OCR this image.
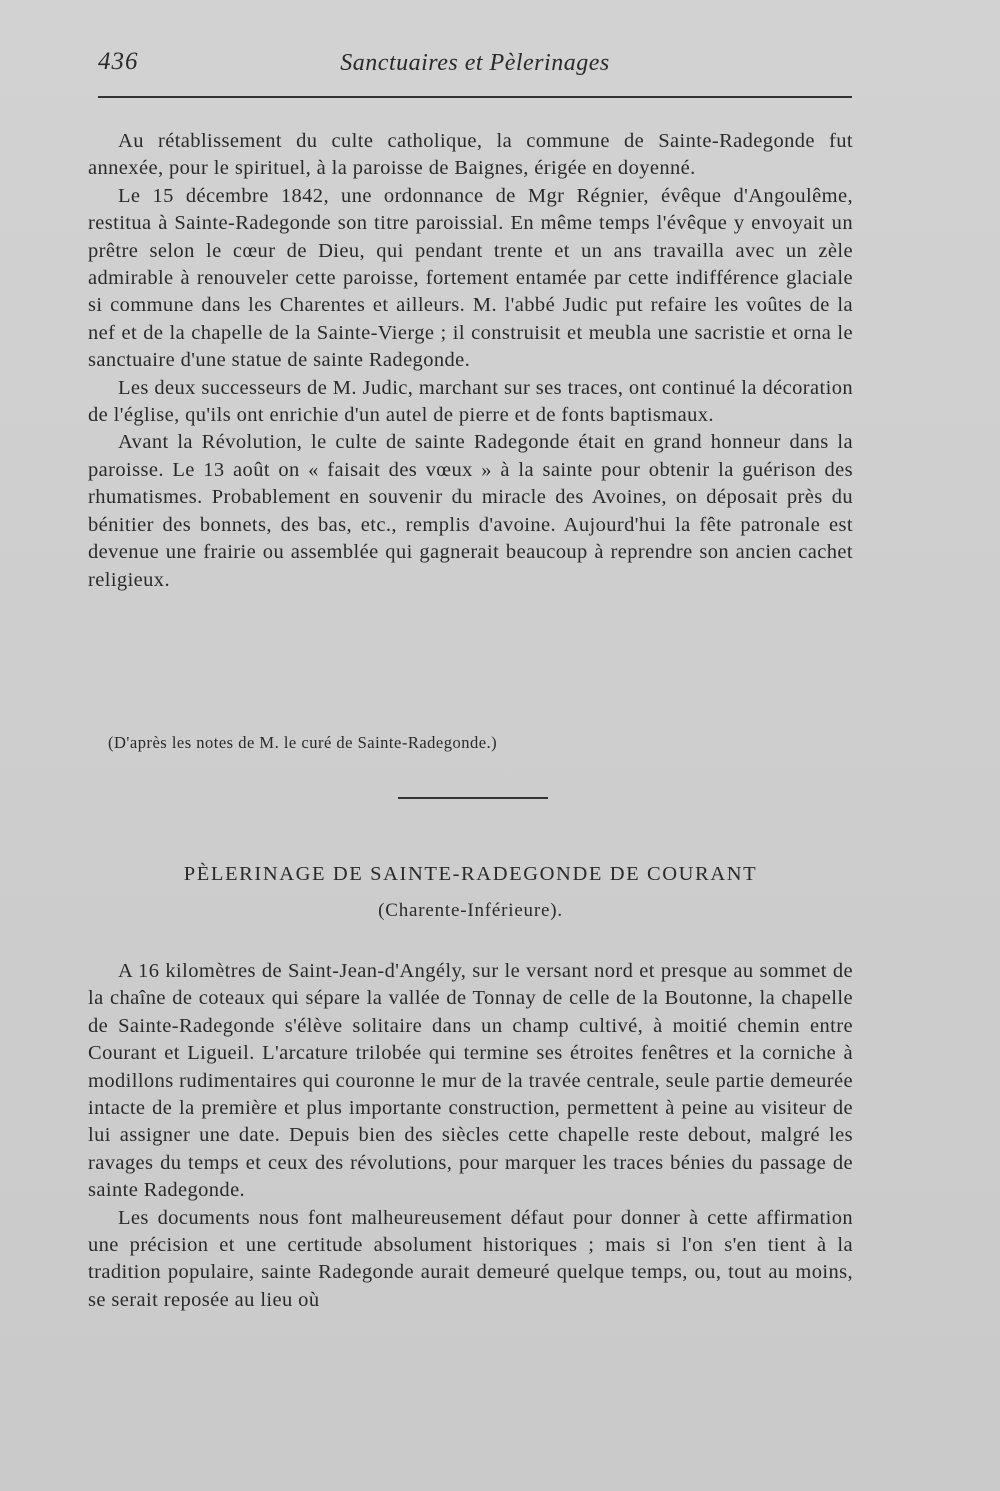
436	Sanctuaires et Pèlerinages

Au rétablissement du culte catholique, la commune de Sainte-Radegonde fut annexée, pour le spirituel, à la paroisse de Baignes, érigée en doyenné.

Le 15 décembre 1842, une ordonnance de Mgr Régnier, évêque d'Angoulême, restitua à Sainte-Radegonde son titre paroissial. En même temps l'évêque y envoyait un prêtre selon le cœur de Dieu, qui pendant trente et un ans travailla avec un zèle admirable à renouveler cette paroisse, fortement entamée par cette indifférence glaciale si commune dans les Charentes et ailleurs. M. l'abbé Judic put refaire les voûtes de la nef et de la chapelle de la Sainte-Vierge ; il construisit et meubla une sacristie et orna le sanctuaire d'une statue de sainte Radegonde.

Les deux successeurs de M. Judic, marchant sur ses traces, ont continué la décoration de l'église, qu'ils ont enrichie d'un autel de pierre et de fonts baptismaux.

Avant la Révolution, le culte de sainte Radegonde était en grand honneur dans la paroisse. Le 13 août on « faisait des vœux » à la sainte pour obtenir la guérison des rhumatismes. Probablement en souvenir du miracle des Avoines, on déposait près du bénitier des bonnets, des bas, etc., remplis d'avoine. Aujourd'hui la fête patronale est devenue une frairie ou assemblée qui gagnerait beaucoup à reprendre son ancien cachet religieux.

(D'après les notes de M. le curé de Sainte-Radegonde.)
PÈLERINAGE DE SAINTE-RADEGONDE DE COURANT
(Charente-Inférieure).

A 16 kilomètres de Saint-Jean-d'Angély, sur le versant nord et presque au sommet de la chaîne de coteaux qui sépare la vallée de Tonnay de celle de la Boutonne, la chapelle de Sainte-Radegonde s'élève solitaire dans un champ cultivé, à moitié chemin entre Courant et Ligueil. L'arcature trilobée qui termine ses étroites fenêtres et la corniche à modillons rudimentaires qui couronne le mur de la travée centrale, seule partie demeurée intacte de la première et plus importante construction, permettent à peine au visiteur de lui assigner une date. Depuis bien des siècles cette chapelle reste debout, malgré les ravages du temps et ceux des révolutions, pour marquer les traces bénies du passage de sainte Radegonde.

Les documents nous font malheureusement défaut pour donner à cette affirmation une précision et une certitude absolument historiques ; mais si l'on s'en tient à la tradition populaire, sainte Radegonde aurait demeuré quelque temps, ou, tout au moins, se serait reposée au lieu où
